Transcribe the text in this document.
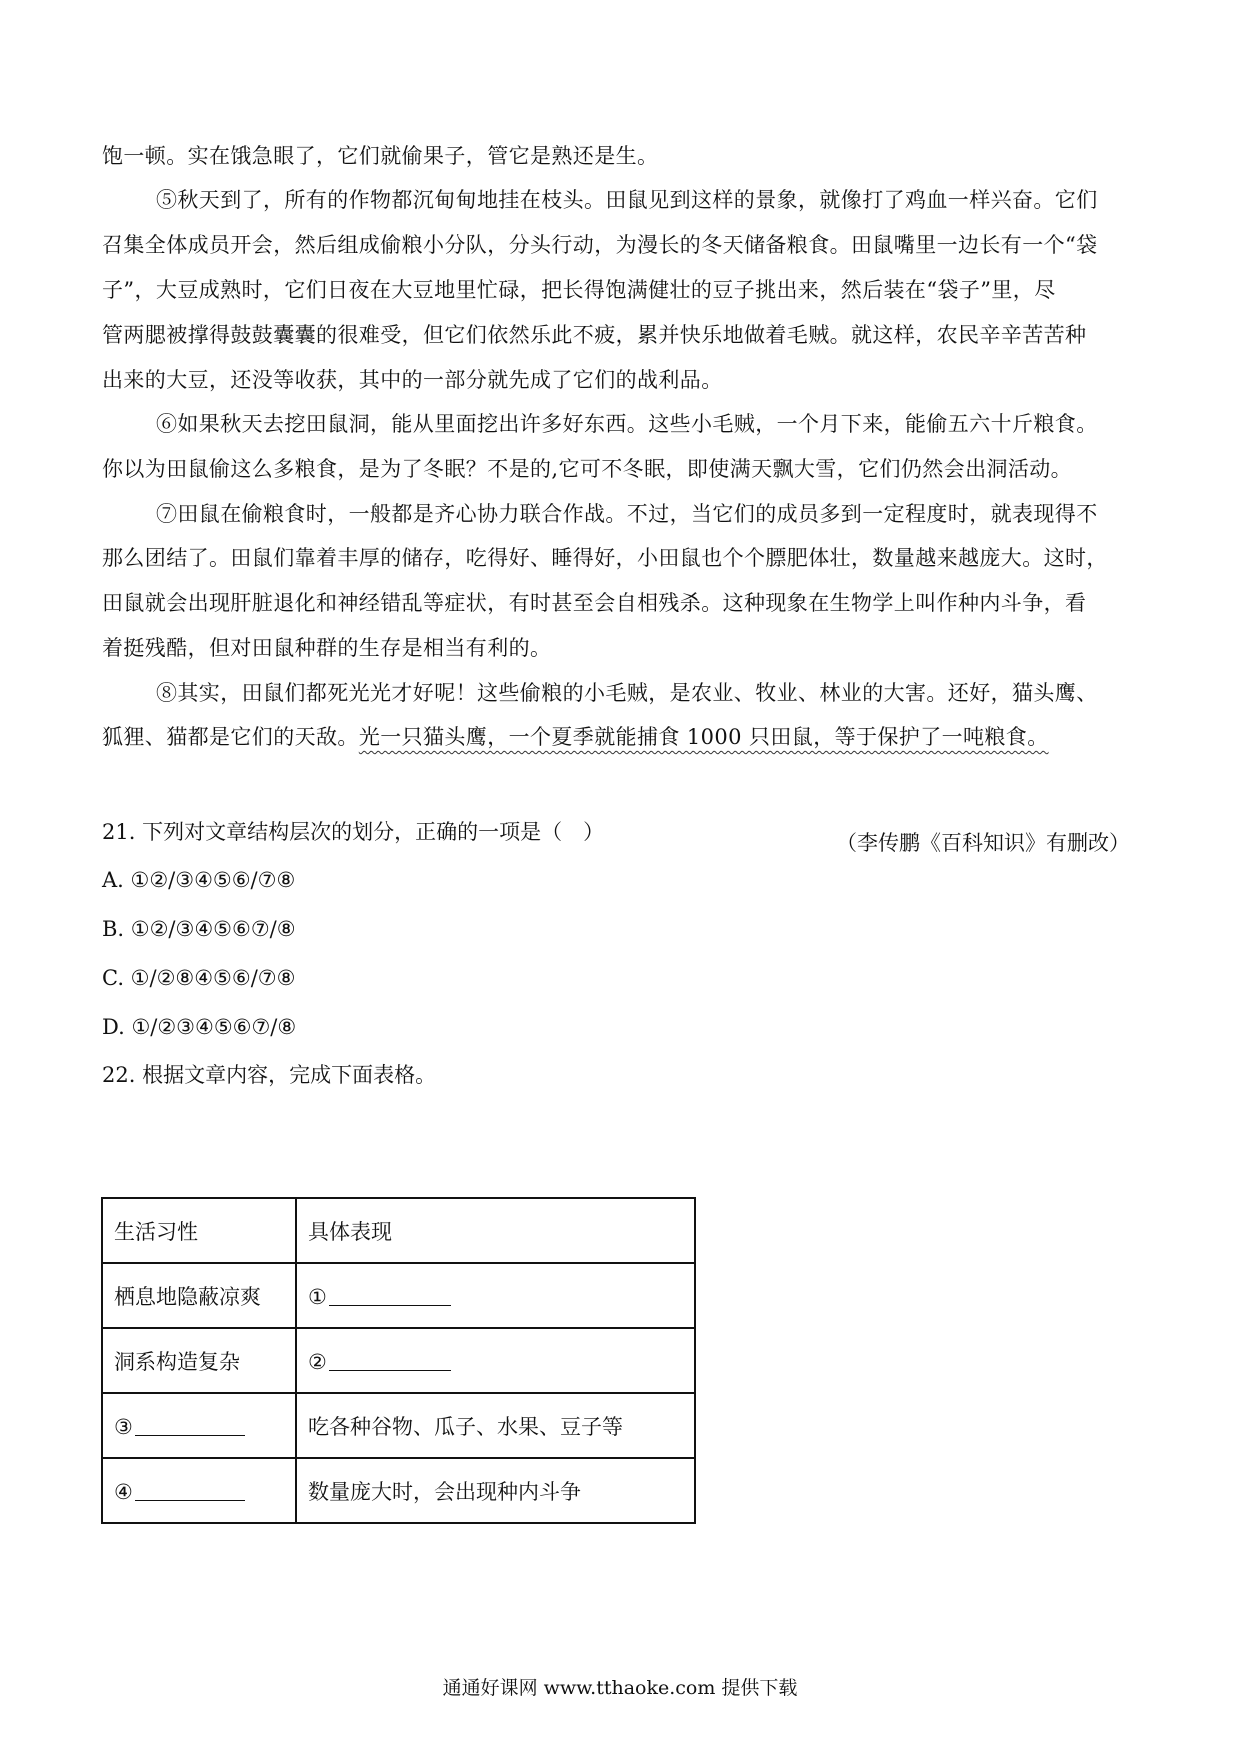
饱一顿。实在饿急眼了，它们就偷果子，管它是熟还是生。
⑤秋天到了，所有的作物都沉甸甸地挂在枝头。田鼠见到这样的景象，就像打了鸡血一样兴奋。它们
召集全体成员开会，然后组成偷粮小分队，分头行动，为漫长的冬天储备粮食。田鼠嘴里一边长有一个“袋
子”，大豆成熟时，它们日夜在大豆地里忙碌，把长得饱满健壮的豆子挑出来，然后装在“袋子”里，尽
管两腮被撑得鼓鼓囊囊的很难受，但它们依然乐此不疲，累并快乐地做着毛贼。就这样，农民辛辛苦苦种
出来的大豆，还没等收获，其中的一部分就先成了它们的战利品。
⑥如果秋天去挖田鼠洞，能从里面挖出许多好东西。这些小毛贼，一个月下来，能偷五六十斤粮食。
你以为田鼠偷这么多粮食，是为了冬眠？不是的,它可不冬眠，即使满天飘大雪，它们仍然会出洞活动。
⑦田鼠在偷粮食时，一般都是齐心协力联合作战。不过，当它们的成员多到一定程度时，就表现得不
那么团结了。田鼠们靠着丰厚的储存，吃得好、睡得好，小田鼠也个个膘肥体壮，数量越来越庞大。这时，
田鼠就会出现肝脏退化和神经错乱等症状，有时甚至会自相残杀。这种现象在生物学上叫作种内斗争，看
着挺残酷，但对田鼠种群的生存是相当有利的。
⑧其实，田鼠们都死光光才好呢！这些偷粮的小毛贼，是农业、牧业、林业的大害。还好，猫头鹰、
狐狸、猫都是它们的天敌。光一只猫头鹰，一个夏季就能捕食 1000 只田鼠，等于保护了一吨粮食。
（李传鹏《百科知识》有删改）
21. 下列对文章结构层次的划分，正确的一项是（　）
A. ①②/③④⑤⑥/⑦⑧
B. ①②/③④⑤⑥⑦/⑧
C. ①/②⑧④⑤⑥/⑦⑧
D. ①/②③④⑤⑥⑦/⑧
22. 根据文章内容，完成下面表格。
生活习性	具体表现
栖息地隐蔽凉爽	①
洞系构造复杂	②
③	吃各种谷物、瓜子、水果、豆子等
④	数量庞大时，会出现种内斗争
通通好课网 www.tthaoke.com 提供下载
